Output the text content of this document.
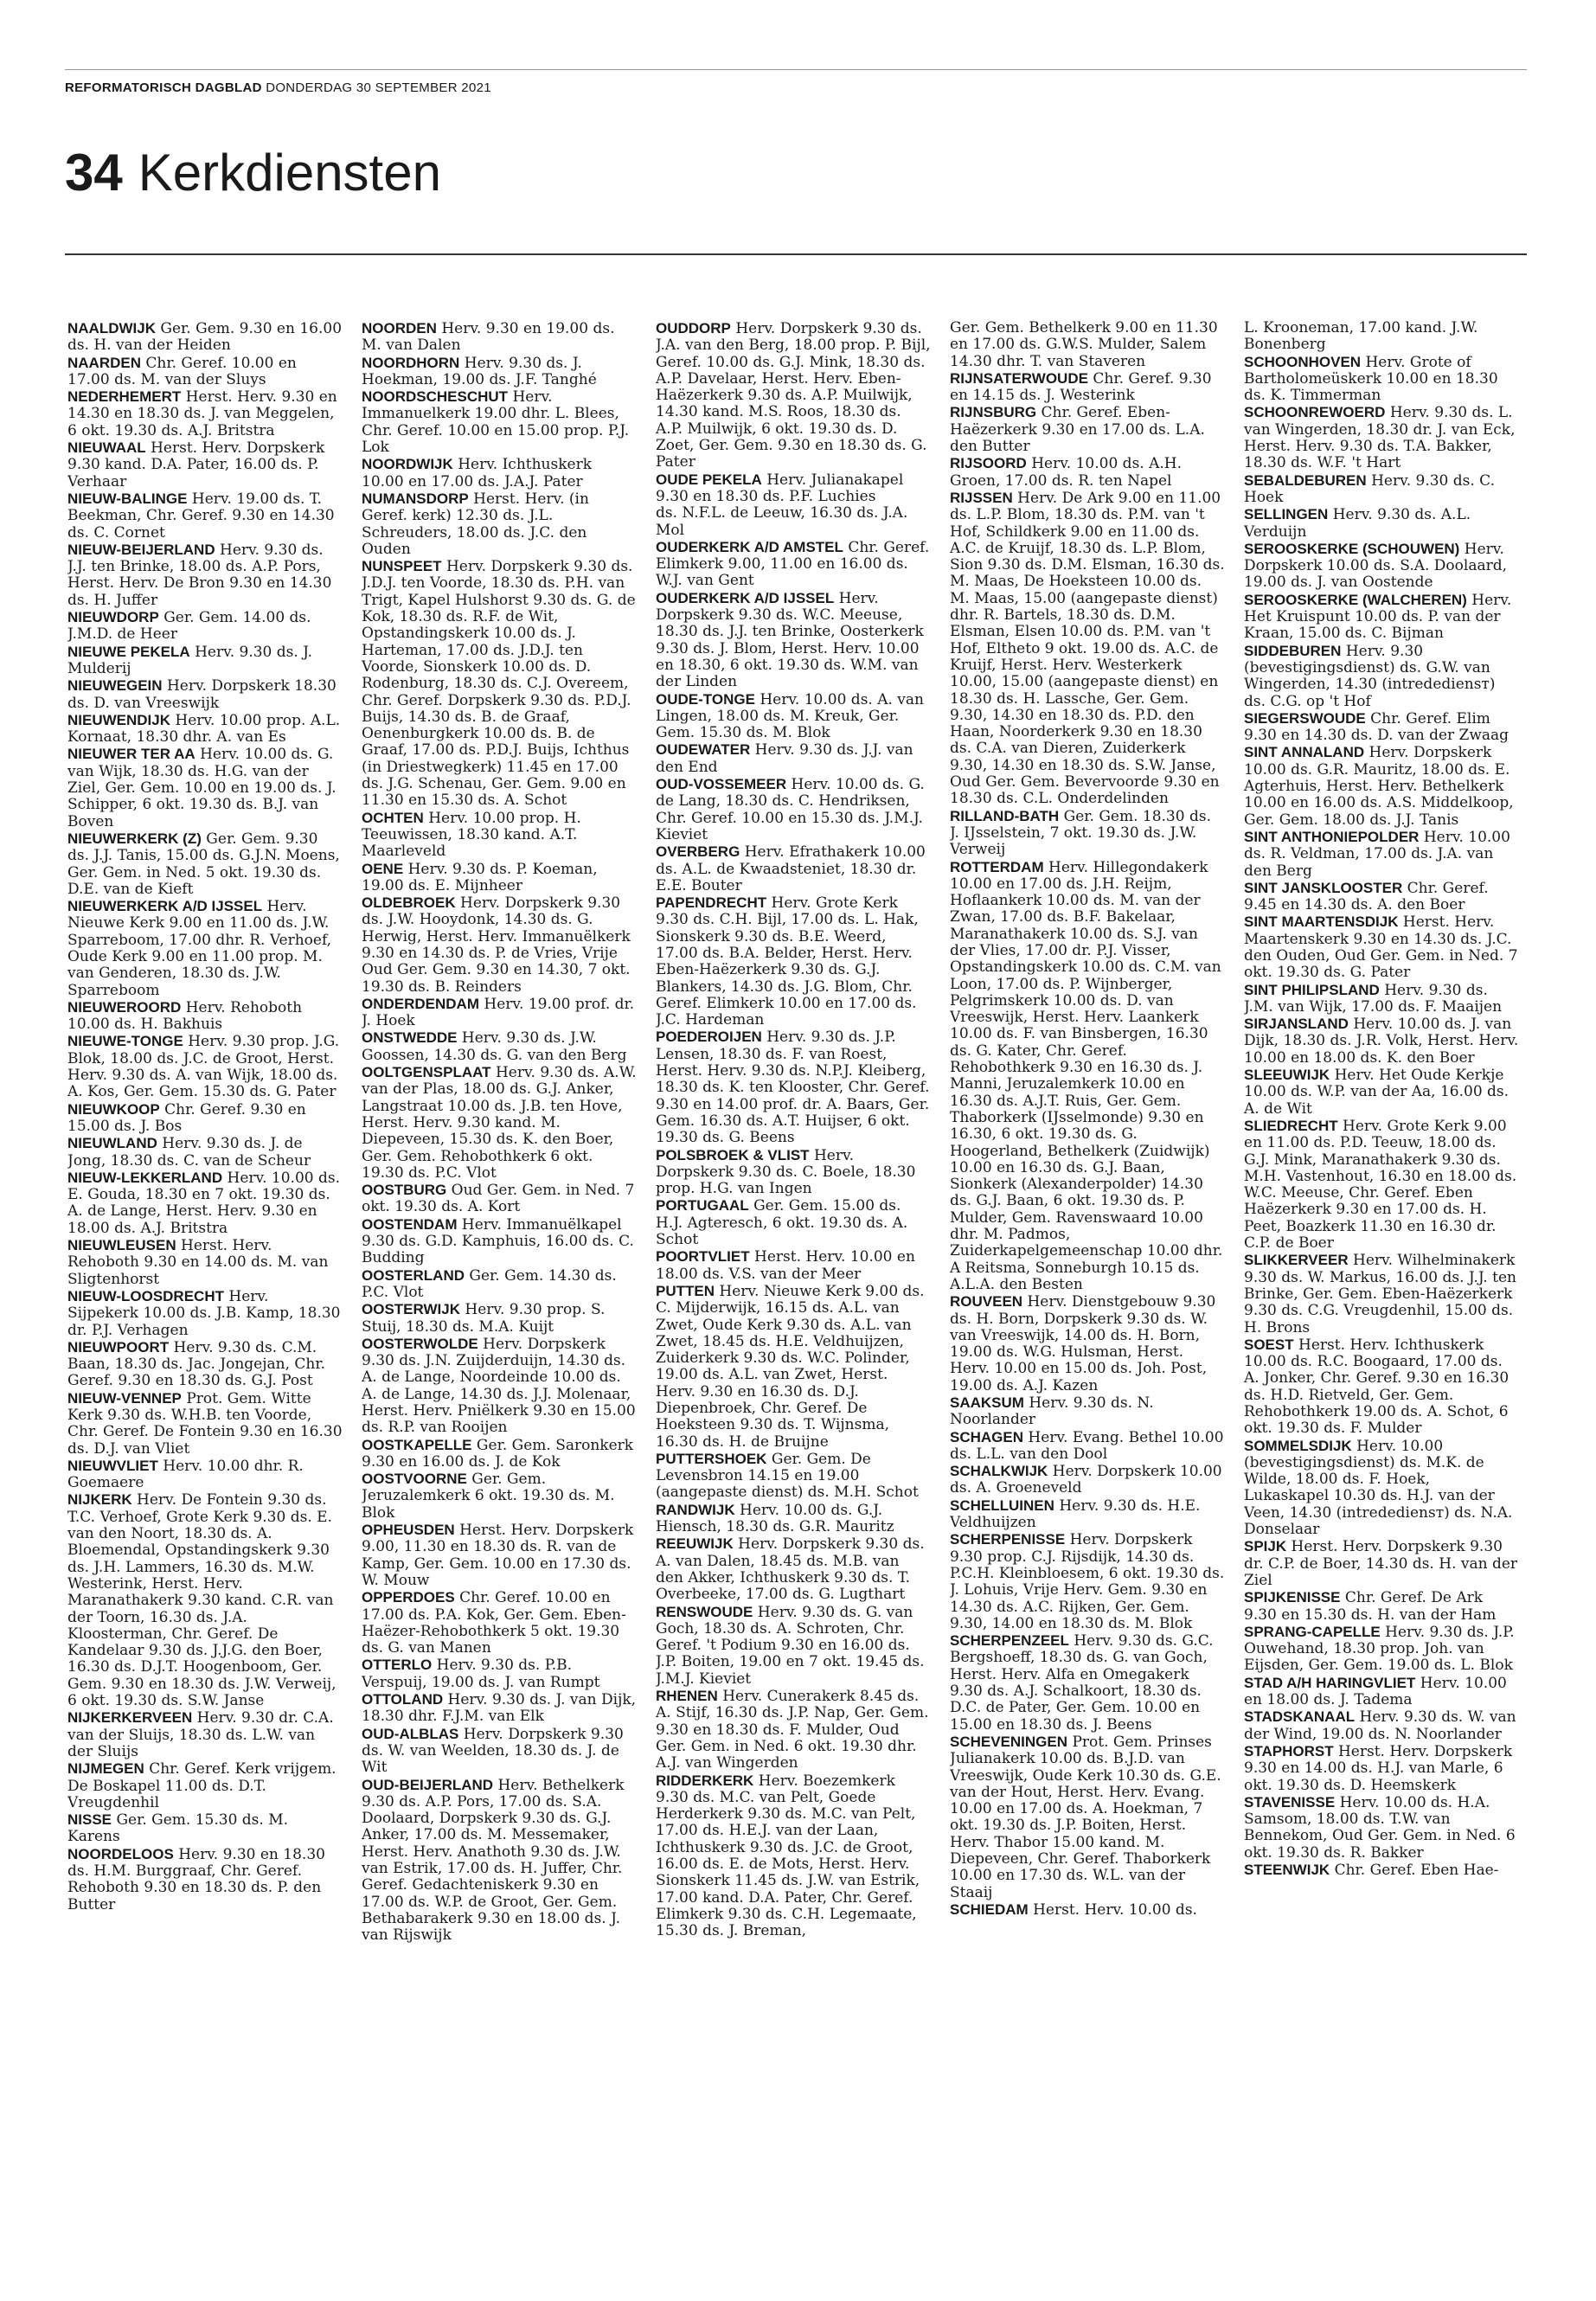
REFORMATORISCH DAGBLAD DONDERDAG 30 SEPTEMBER 2021
34 Kerkdiensten

NAALDWIJK Ger. Gem. 9.30 en 16.00 ds. H. van der Heiden

NAARDEN Chr. Geref. 10.00 en 17.00 ds. M. van der Sluys

NEDERHEMERT Herst. Herv. 9.30 en 14.30 en 18.30 ds. J. van Meggelen, 6 okt. 19.30 ds. A.J. Britstra

NIEUWAAL Herst. Herv. Dorpskerk 9.30 kand. D.A. Pater, 16.00 ds. P. Verhaar

NIEUW-BALINGE Herv. 19.00 ds. T. Beekman, Chr. Geref. 9.30 en 14.30 ds. C. Cornet

NIEUW-BEIJERLAND Herv. 9.30 ds. J.J. ten Brinke, 18.00 ds. A.P. Pors, Herst. Herv. De Bron 9.30 en 14.30 ds. H. Juffer

NIEUWDORP Ger. Gem. 14.00 ds. J.M.D. de Heer

NIEUWE PEKELA Herv. 9.30 ds. J. Mulderij

NIEUWEGEIN Herv. Dorpskerk 18.30 ds. D. van Vreeswijk

NIEUWENDIJK Herv. 10.00 prop. A.L. Kornaat, 18.30 dhr. A. van Es

NIEUWER TER AA Herv. 10.00 ds. G. van Wijk, 18.30 ds. H.G. van der Ziel, Ger. Gem. 10.00 en 19.00 ds. J. Schipper, 6 okt. 19.30 ds. B.J. van Boven

NIEUWERKERK (Z) Ger. Gem. 9.30 ds. J.J. Tanis, 15.00 ds. G.J.N. Moens, Ger. Gem. in Ned. 5 okt. 19.30 ds. D.E. van de Kieft

NIEUWERKERK A/D IJSSEL Herv. Nieuwe Kerk 9.00 en 11.00 ds. J.W. Sparreboom, 17.00 dhr. R. Verhoef, Oude Kerk 9.00 en 11.00 prop. M. van Genderen, 18.30 ds. J.W. Sparreboom

NIEUWEROORD Herv. Rehoboth 10.00 ds. H. Bakhuis

NIEUWE-TONGE Herv. 9.30 prop. J.G. Blok, 18.00 ds. J.C. de Groot, Herst. Herv. 9.30 ds. A. van Wijk, 18.00 ds. A. Kos, Ger. Gem. 15.30 ds. G. Pater

NIEUWKOOP Chr. Geref. 9.30 en 15.00 ds. J. Bos

NIEUWLAND Herv. 9.30 ds. J. de Jong, 18.30 ds. C. van de Scheur

NIEUW-LEKKERLAND Herv. 10.00 ds. E. Gouda, 18.30 en 7 okt. 19.30 ds. A. de Lange, Herst. Herv. 9.30 en 18.00 ds. A.J. Britstra

NIEUWLEUSEN Herst. Herv. Rehoboth 9.30 en 14.00 ds. M. van Sligtenhorst

NIEUW-LOOSDRECHT Herv. Sijpekerk 10.00 ds. J.B. Kamp, 18.30 dr. P.J. Verhagen

NIEUWPOORT Herv. 9.30 ds. C.M. Baan, 18.30 ds. Jac. Jongejan, Chr. Geref. 9.30 en 18.30 ds. G.J. Post

NIEUW-VENNEP Prot. Gem. Witte Kerk 9.30 ds. W.H.B. ten Voorde, Chr. Geref. De Fontein 9.30 en 16.30 ds. D.J. van Vliet

NIEUWVLIET Herv. 10.00 dhr. R. Goemaere

NIJKERK Herv. De Fontein 9.30 ds. T.C. Verhoef, Grote Kerk 9.30 ds. E. van den Noort, 18.30 ds. A. Bloemendal, Opstandingskerk 9.30 ds. J.H. Lammers, 16.30 ds. M.W. Westerink, Herst. Herv. Maranathakerk 9.30 kand. C.R. van der Toorn, 16.30 ds. J.A. Kloosterman, Chr. Geref. De Kandelaar 9.30 ds. J.J.G. den Boer, 16.30 ds. D.J.T. Hoogenboom, Ger. Gem. 9.30 en 18.30 ds. J.W. Verweij, 6 okt. 19.30 ds. S.W. Janse

NIJKERKERVEEN Herv. 9.30 dr. C.A. van der Sluijs, 18.30 ds. L.W. van der Sluijs

NIJMEGEN Chr. Geref. Kerk vrijgem. De Boskapel 11.00 ds. D.T. Vreugdenhil

NISSE Ger. Gem. 15.30 ds. M. Karens

NOORDELOOS Herv. 9.30 en 18.30 ds. H.M. Burggraaf, Chr. Geref. Rehoboth 9.30 en 18.30 ds. P. den Butter

NOORDEN Herv. 9.30 en 19.00 ds. M. van Dalen

NOORDHORN Herv. 9.30 ds. J. Hoekman, 19.00 ds. J.F. Tanghé

NOORDSCHESCHUT Herv. Immanuelkerk 19.00 dhr. L. Blees, Chr. Geref. 10.00 en 15.00 prop. P.J. Lok

NOORDWIJK Herv. Ichthuskerk 10.00 en 17.00 ds. J.A.J. Pater

NUMANSDORP Herst. Herv. (in Geref. kerk) 12.30 ds. J.L. Schreuders, 18.00 ds. J.C. den Ouden

NUNSPEET Herv. Dorpskerk 9.30 ds. J.D.J. ten Voorde, 18.30 ds. P.H. van Trigt, Kapel Hulshorst 9.30 ds. G. de Kok, 18.30 ds. R.F. de Wit, Opstandingskerk 10.00 ds. J. Harteman, 17.00 ds. J.D.J. ten Voorde, Sionskerk 10.00 ds. D. Rodenburg, 18.30 ds. C.J. Overeem, Chr. Geref. Dorpskerk 9.30 ds. P.D.J. Buijs, 14.30 ds. B. de Graaf, Oenenburgkerk 10.00 ds. B. de Graaf, 17.00 ds. P.D.J. Buijs, Ichthus (in Driestwegkerk) 11.45 en 17.00 ds. J.G. Schenau, Ger. Gem. 9.00 en 11.30 en 15.30 ds. A. Schot

OCHTEN Herv. 10.00 prop. H. Teeuwissen, 18.30 kand. A.T. Maarleveld

OENE Herv. 9.30 ds. P. Koeman, 19.00 ds. E. Mijnheer

OLDEBROEK Herv. Dorpskerk 9.30 ds. J.W. Hooydonk, 14.30 ds. G. Herwig, Herst. Herv. Immanuëlkerk 9.30 en 14.30 ds. P. de Vries, Vrije Oud Ger. Gem. 9.30 en 14.30, 7 okt. 19.30 ds. B. Reinders

ONDERDENDAM Herv. 19.00 prof. dr. J. Hoek

ONSTWEDDE Herv. 9.30 ds. J.W. Goossen, 14.30 ds. G. van den Berg

OOLTGENSPLAAT Herv. 9.30 ds. A.W. van der Plas, 18.00 ds. G.J. Anker, Langstraat 10.00 ds. J.B. ten Hove, Herst. Herv. 9.30 kand. M. Diepeveen, 15.30 ds. K. den Boer, Ger. Gem. Rehobothkerk 6 okt. 19.30 ds. P.C. Vlot

OOSTBURG Oud Ger. Gem. in Ned. 7 okt. 19.30 ds. A. Kort

OOSTENDAM Herv. Immanuëlkapel 9.30 ds. G.D. Kamphuis, 16.00 ds. C. Budding

OOSTERLAND Ger. Gem. 14.30 ds. P.C. Vlot

OOSTERWIJK Herv. 9.30 prop. S. Stuij, 18.30 ds. M.A. Kuijt

OOSTERWOLDE Herv. Dorpskerk 9.30 ds. J.N. Zuijderduijn, 14.30 ds. A. de Lange, Noordeinde 10.00 ds. A. de Lange, 14.30 ds. J.J. Molenaar, Herst. Herv. Pniëlkerk 9.30 en 15.00 ds. R.P. van Rooijen

OOSTKAPELLE Ger. Gem. Saronkerk 9.30 en 16.00 ds. J. de Kok

OOSTVOORNE Ger. Gem. Jeruzalemkerk 6 okt. 19.30 ds. M. Blok

OPHEUSDEN Herst. Herv. Dorpskerk 9.00, 11.30 en 18.30 ds. R. van de Kamp, Ger. Gem. 10.00 en 17.30 ds. W. Mouw

OPPERDOES Chr. Geref. 10.00 en 17.00 ds. P.A. Kok, Ger. Gem. Eben-Haëzer-Rehobothkerk 5 okt. 19.30 ds. G. van Manen

OTTERLO Herv. 9.30 ds. P.B. Verspuij, 19.00 ds. J. van Rumpt

OTTOLAND Herv. 9.30 ds. J. van Dijk, 18.30 dhr. F.J.M. van Elk

OUD-ALBLAS Herv. Dorpskerk 9.30 ds. W. van Weelden, 18.30 ds. J. de Wit

OUD-BEIJERLAND Herv. Bethelkerk 9.30 ds. A.P. Pors, 17.00 ds. S.A. Doolaard, Dorpskerk 9.30 ds. G.J. Anker, 17.00 ds. M. Messemaker, Herst. Herv. Anathoth 9.30 ds. J.W. van Estrik, 17.00 ds. H. Juffer, Chr. Geref. Gedachteniskerk 9.30 en 17.00 ds. W.P. de Groot, Ger. Gem. Bethabarakerk 9.30 en 18.00 ds. J. van Rijswijk

OUDDORP Herv. Dorpskerk 9.30 ds. J.A. van den Berg, 18.00 prop. P. Bijl, Geref. 10.00 ds. G.J. Mink, 18.30 ds. A.P. Davelaar, Herst. Herv. Eben-Haëzerkerk 9.30 ds. A.P. Muilwijk, 14.30 kand. M.S. Roos, 18.30 ds. A.P. Muilwijk, 6 okt. 19.30 ds. D. Zoet, Ger. Gem. 9.30 en 18.30 ds. G. Pater

OUDE PEKELA Herv. Julianakapel 9.30 en 18.30 ds. P.F. Luchies

ds. N.F.L. de Leeuw, 16.30 ds. J.A. Mol

OUDERKERK A/D AMSTEL Chr. Geref. Elimkerk 9.00, 11.00 en 16.00 ds. W.J. van Gent

OUDERKERK A/D IJSSEL Herv. Dorpskerk 9.30 ds. W.C. Meeuse, 18.30 ds. J.J. ten Brinke, Oosterkerk 9.30 ds. J. Blom, Herst. Herv. 10.00 en 18.30, 6 okt. 19.30 ds. W.M. van der Linden

OUDE-TONGE Herv. 10.00 ds. A. van Lingen, 18.00 ds. M. Kreuk, Ger. Gem. 15.30 ds. M. Blok

OUDEWATER Herv. 9.30 ds. J.J. van den End

OUD-VOSSEMEER Herv. 10.00 ds. G. de Lang, 18.30 ds. C. Hendriksen, Chr. Geref. 10.00 en 15.30 ds. J.M.J. Kieviet

OVERBERG Herv. Efrathakerk 10.00 ds. A.L. de Kwaadsteniet, 18.30 dr. E.E. Bouter

PAPENDRECHT Herv. Grote Kerk 9.30 ds. C.H. Bijl, 17.00 ds. L. Hak, Sionskerk 9.30 ds. B.E. Weerd, 17.00 ds. B.A. Belder, Herst. Herv. Eben-Haëzerkerk 9.30 ds. G.J. Blankers, 14.30 ds. J.G. Blom, Chr. Geref. Elimkerk 10.00 en 17.00 ds. J.C. Hardeman

POEDEROIJEN Herv. 9.30 ds. J.P. Lensen, 18.30 ds. F. van Roest, Herst. Herv. 9.30 ds. N.P.J. Kleiberg, 18.30 ds. K. ten Klooster, Chr. Geref. 9.30 en 14.00 prof. dr. A. Baars, Ger. Gem. 16.30 ds. A.T. Huijser, 6 okt. 19.30 ds. G. Beens

POLSBROEK & VLIST Herv. Dorpskerk 9.30 ds. C. Boele, 18.30 prop. H.G. van Ingen

PORTUGAAL Ger. Gem. 15.00 ds. H.J. Agteresch, 6 okt. 19.30 ds. A. Schot

POORTVLIET Herst. Herv. 10.00 en 18.00 ds. V.S. van der Meer

PUTTEN Herv. Nieuwe Kerk 9.00 ds. C. Mijderwijk, 16.15 ds. A.L. van Zwet, Oude Kerk 9.30 ds. A.L. van Zwet, 18.45 ds. H.E. Veldhuijzen, Zuiderkerk 9.30 ds. W.C. Polinder, 19.00 ds. A.L. van Zwet, Herst. Herv. 9.30 en 16.30 ds. D.J. Diepenbroek, Chr. Geref. De Hoeksteen 9.30 ds. T. Wijnsma, 16.30 ds. H. de Bruijne

PUTTERSHOEK Ger. Gem. De Levensbron 14.15 en 19.00 (aangepaste dienst) ds. M.H. Schot

RANDWIJK Herv. 10.00 ds. G.J. Hiensch, 18.30 ds. G.R. Mauritz

REEUWIJK Herv. Dorpskerk 9.30 ds. A. van Dalen, 18.45 ds. M.B. van den Akker, Ichthuskerk 9.30 ds. T. Overbeeke, 17.00 ds. G. Lugthart

RENSWOUDE Herv. 9.30 ds. G. van Goch, 18.30 ds. A. Schroten, Chr. Geref. 't Podium 9.30 en 16.00 ds. J.P. Boiten, 19.00 en 7 okt. 19.45 ds. J.M.J. Kieviet

RHENEN Herv. Cunerakerk 8.45 ds. A. Stijf, 16.30 ds. J.P. Nap, Ger. Gem. 9.30 en 18.30 ds. F. Mulder, Oud Ger. Gem. in Ned. 6 okt. 19.30 dhr. A.J. van Wingerden

RIDDERKERK Herv. Boezemkerk 9.30 ds. M.C. van Pelt, Goede Herderkerk 9.30 ds. M.C. van Pelt, 17.00 ds. H.E.J. van der Laan, Ichthuskerk 9.30 ds. J.C. de Groot, 16.00 ds. E. de Mots, Herst. Herv. Sionskerk 11.45 ds. J.W. van Estrik, 17.00 kand. D.A. Pater, Chr. Geref. Elimkerk 9.30 ds. C.H. Legemaate, 15.30 ds. J. Breman,

Ger. Gem. Bethelkerk 9.00 en 11.30 en 17.00 ds. G.W.S. Mulder, Salem 14.30 dhr. T. van Staveren

RIJNSATERWOUDE Chr. Geref. 9.30 en 14.15 ds. J. Westerink

RIJNSBURG Chr. Geref. Eben-Haëzerkerk 9.30 en 17.00 ds. L.A. den Butter

RIJSOORD Herv. 10.00 ds. A.H. Groen, 17.00 ds. R. ten Napel

RIJSSEN Herv. De Ark 9.00 en 11.00 ds. L.P. Blom, 18.30 ds. P.M. van 't Hof, Schildkerk 9.00 en 11.00 ds. A.C. de Kruijf, 18.30 ds. L.P. Blom, Sion 9.30 ds. D.M. Elsman, 16.30 ds. M. Maas, De Hoeksteen 10.00 ds. M. Maas, 15.00 (aangepaste dienst) dhr. R. Bartels, 18.30 ds. D.M. Elsman, Elsen 10.00 ds. P.M. van 't Hof, Eltheto 9 okt. 19.00 ds. A.C. de Kruijf, Herst. Herv. Westerkerk 10.00, 15.00 (aangepaste dienst) en 18.30 ds. H. Lassche, Ger. Gem. 9.30, 14.30 en 18.30 ds. P.D. den Haan, Noorderkerk 9.30 en 18.30 ds. C.A. van Dieren, Zuiderkerk 9.30, 14.30 en 18.30 ds. S.W. Janse, Oud Ger. Gem. Bevervoorde 9.30 en 18.30 ds. C.L. Onderdelinden

RILLAND-BATH Ger. Gem. 18.30 ds. J. IJsselstein, 7 okt. 19.30 ds. J.W. Verweij

ROTTERDAM Herv. Hillegondakerk 10.00 en 17.00 ds. J.H. Reijm, Hoflaankerk 10.00 ds. M. van der Zwan, 17.00 ds. B.F. Bakelaar, Maranathakerk 10.00 ds. S.J. van der Vlies, 17.00 dr. P.J. Visser, Opstandingskerk 10.00 ds. C.M. van Loon, 17.00 ds. P. Wijnberger, Pelgrimskerk 10.00 ds. D. van Vreeswijk, Herst. Herv. Laankerk 10.00 ds. F. van Binsbergen, 16.30 ds. G. Kater, Chr. Geref. Rehobothkerk 9.30 en 16.30 ds. J. Manni, Jeruzalemkerk 10.00 en 16.30 ds. A.J.T. Ruis, Ger. Gem. Thaborkerk (IJsselmonde) 9.30 en 16.30, 6 okt. 19.30 ds. G. Hoogerland, Bethelkerk (Zuidwijk) 10.00 en 16.30 ds. G.J. Baan, Sionkerk (Alexanderpolder) 14.30 ds. G.J. Baan, 6 okt. 19.30 ds. P. Mulder, Gem. Ravenswaard 10.00 dhr. M. Padmos, Zuiderkapelgemeenschap 10.00 dhr. A Reitsma, Sonneburgh 10.15 ds. A.L.A. den Besten

ROUVEEN Herv. Dienstgebouw 9.30 ds. H. Born, Dorpskerk 9.30 ds. W. van Vreeswijk, 14.00 ds. H. Born, 19.00 ds. W.G. Hulsman, Herst. Herv. 10.00 en 15.00 ds. Joh. Post, 19.00 ds. A.J. Kazen

SAAKSUM Herv. 9.30 ds. N. Noorlander

SCHAGEN Herv. Evang. Bethel 10.00 ds. L.L. van den Dool

SCHALKWIJK Herv. Dorpskerk 10.00 ds. A. Groeneveld

SCHELLUINEN Herv. 9.30 ds. H.E. Veldhuijzen

SCHERPENISSE Herv. Dorpskerk 9.30 prop. C.J. Rijsdijk, 14.30 ds. P.C.H. Kleinbloesem, 6 okt. 19.30 ds. J. Lohuis, Vrije Herv. Gem. 9.30 en 14.30 ds. A.C. Rijken, Ger. Gem. 9.30, 14.00 en 18.30 ds. M. Blok

SCHERPENZEEL Herv. 9.30 ds. G.C. Bergshoeff, 18.30 ds. G. van Goch, Herst. Herv. Alfa en Omegakerk 9.30 ds. A.J. Schalkoort, 18.30 ds. D.C. de Pater, Ger. Gem. 10.00 en 15.00 en 18.30 ds. J. Beens

SCHEVENINGEN Prot. Gem. Prinses Julianakerk 10.00 ds. B.J.D. van Vreeswijk, Oude Kerk 10.30 ds. G.E. van der Hout, Herst. Herv. Evang. 10.00 en 17.00 ds. A. Hoekman, 7 okt. 19.30 ds. J.P. Boiten, Herst. Herv. Thabor 15.00 kand. M. Diepeveen, Chr. Geref. Thaborkerk 10.00 en 17.30 ds. W.L. van der Staaij

SCHIEDAM Herst. Herv. 10.00 ds.

L. Krooneman, 17.00 kand. J.W. Bonenberg

SCHOONHOVEN Herv. Grote of Bartholomeüskerk 10.00 en 18.30 ds. K. Timmerman

SCHOONREWOERD Herv. 9.30 ds. L. van Wingerden, 18.30 dr. J. van Eck, Herst. Herv. 9.30 ds. T.A. Bakker, 18.30 ds. W.F. 't Hart

SEBALDEBUREN Herv. 9.30 ds. C. Hoek

SELLINGEN Herv. 9.30 ds. A.L. Verduijn

SEROOSKERKE (SCHOUWEN) Herv. Dorpskerk 10.00 ds. S.A. Doolaard, 19.00 ds. J. van Oostende

SEROOSKERKE (WALCHEREN) Herv. Het Kruispunt 10.00 ds. P. van der Kraan, 15.00 ds. C. Bijman

SIDDEBUREN Herv. 9.30 (bevestigingsdienst) ds. G.W. van Wingerden, 14.30 (intredediensт) ds. C.G. op 't Hof

SIEGERSWOUDE Chr. Geref. Elim 9.30 en 14.30 ds. D. van der Zwaag

SINT ANNALAND Herv. Dorpskerk 10.00 ds. G.R. Mauritz, 18.00 ds. E. Agterhuis, Herst. Herv. Bethelkerk 10.00 en 16.00 ds. A.S. Middelkoop, Ger. Gem. 18.00 ds. J.J. Tanis

SINT ANTHONIEPOLDER Herv. 10.00 ds. R. Veldman, 17.00 ds. J.A. van den Berg

SINT JANSKLOOSTER Chr. Geref. 9.45 en 14.30 ds. A. den Boer

SINT MAARTENSDIJK Herst. Herv. Maartenskerk 9.30 en 14.30 ds. J.C. den Ouden, Oud Ger. Gem. in Ned. 7 okt. 19.30 ds. G. Pater

SINT PHILIPSLAND Herv. 9.30 ds. J.M. van Wijk, 17.00 ds. F. Maaijen

SIRJANSLAND Herv. 10.00 ds. J. van Dijk, 18.30 ds. J.R. Volk, Herst. Herv. 10.00 en 18.00 ds. K. den Boer

SLEEUWIJK Herv. Het Oude Kerkje 10.00 ds. W.P. van der Aa, 16.00 ds. A. de Wit

SLIEDRECHT Herv. Grote Kerk 9.00 en 11.00 ds. P.D. Teeuw, 18.00 ds. G.J. Mink, Maranathakerk 9.30 ds. M.H. Vastenhout, 16.30 en 18.00 ds. W.C. Meeuse, Chr. Geref. Eben Haëzerkerk 9.30 en 17.00 ds. H. Peet, Boazkerk 11.30 en 16.30 dr. C.P. de Boer

SLIKKERVEER Herv. Wilhelminakerk 9.30 ds. W. Markus, 16.00 ds. J.J. ten Brinke, Ger. Gem. Eben-Haëzerkerk 9.30 ds. C.G. Vreugdenhil, 15.00 ds. H. Brons

SOEST Herst. Herv. Ichthuskerk 10.00 ds. R.C. Boogaard, 17.00 ds. A. Jonker, Chr. Geref. 9.30 en 16.30 ds. H.D. Rietveld, Ger. Gem. Rehobothkerk 19.00 ds. A. Schot, 6 okt. 19.30 ds. F. Mulder

SOMMELSDIJK Herv. 10.00 (bevestigingsdienst) ds. M.K. de Wilde, 18.00 ds. F. Hoek, Lukaskapel 10.30 ds. H.J. van der Veen, 14.30 (intredediensт) ds. N.A. Donselaar

SPIJK Herst. Herv. Dorpskerk 9.30 dr. C.P. de Boer, 14.30 ds. H. van der Ziel

SPIJKENISSE Chr. Geref. De Ark 9.30 en 15.30 ds. H. van der Ham

SPRANG-CAPELLE Herv. 9.30 ds. J.P. Ouwehand, 18.30 prop. Joh. van Eijsden, Ger. Gem. 19.00 ds. L. Blok

STAD A/H HARINGVLIET Herv. 10.00 en 18.00 ds. J. Tadema

STADSKANAAL Herv. 9.30 ds. W. van der Wind, 19.00 ds. N. Noorlander

STAPHORST Herst. Herv. Dorpskerk 9.30 en 14.00 ds. H.J. van Marle, 6 okt. 19.30 ds. D. Heemskerk

STAVENISSE Herv. 10.00 ds. H.A. Samsom, 18.00 ds. T.W. van Bennekom, Oud Ger. Gem. in Ned. 6 okt. 19.30 ds. R. Bakker

STEENWIJK Chr. Geref. Eben Hae-
